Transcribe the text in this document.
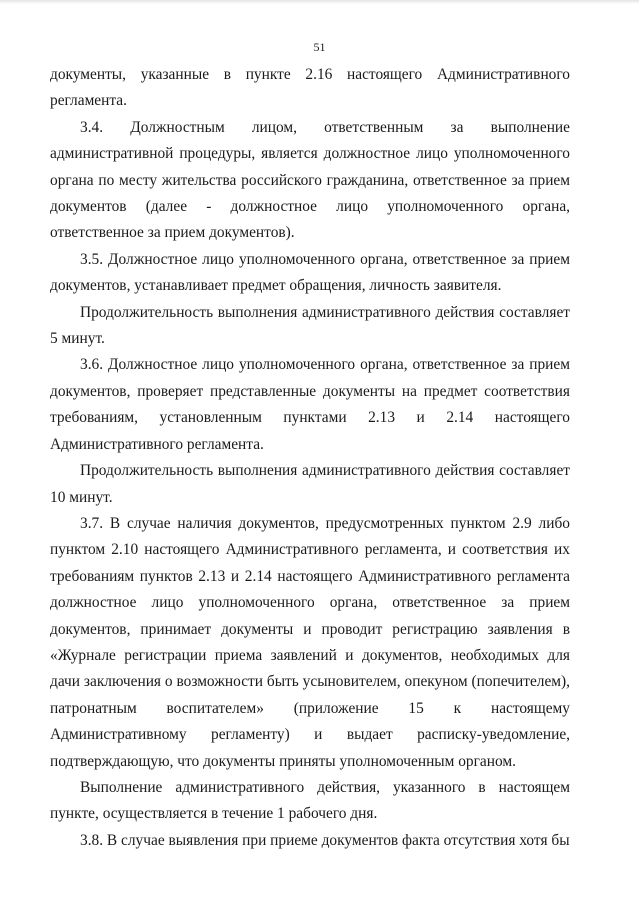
51

документы, указанные в пункте 2.16 настоящего Административного регламента.

3.4. Должностным лицом, ответственным за выполнение административной процедуры, является должностное лицо уполномоченного органа по месту жительства российского гражданина, ответственное за прием документов (далее - должностное лицо уполномоченного органа, ответственное за прием документов).

3.5. Должностное лицо уполномоченного органа, ответственное за прием документов, устанавливает предмет обращения, личность заявителя.

Продолжительность выполнения административного действия составляет 5 минут.

3.6. Должностное лицо уполномоченного органа, ответственное за прием документов, проверяет представленные документы на предмет соответствия требованиям, установленным пунктами 2.13 и 2.14 настоящего Административного регламента.

Продолжительность выполнения административного действия составляет 10 минут.

3.7. В случае наличия документов, предусмотренных пунктом 2.9 либо пунктом 2.10 настоящего Административного регламента, и соответствия их требованиям пунктов 2.13 и 2.14 настоящего Административного регламента должностное лицо уполномоченного органа, ответственное за прием документов, принимает документы и проводит регистрацию заявления в «Журнале регистрации приема заявлений и документов, необходимых для дачи заключения о возможности быть усыновителем, опекуном (попечителем), патронатным воспитателем» (приложение 15 к настоящему Административному регламенту) и выдает расписку-уведомление, подтверждающую, что документы приняты уполномоченным органом.

Выполнение административного действия, указанного в настоящем пункте, осуществляется в течение 1 рабочего дня.

3.8. В случае выявления при приеме документов факта отсутствия хотя бы
